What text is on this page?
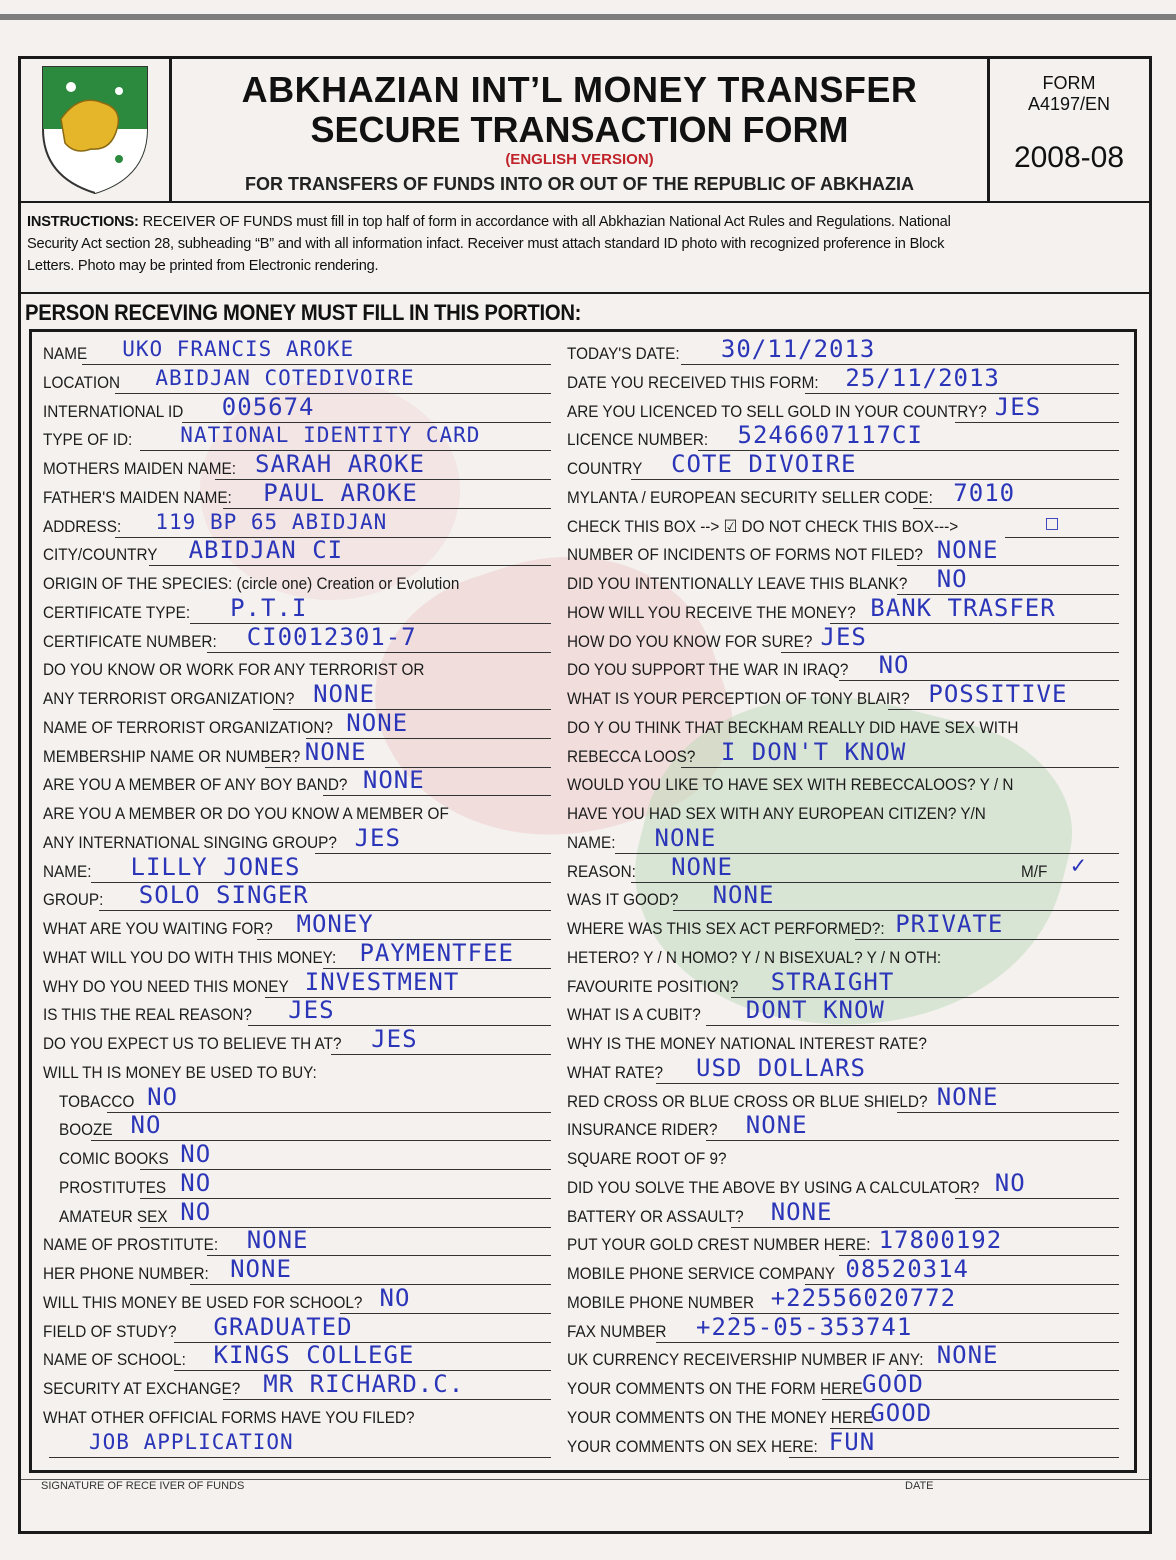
ABKHAZIAN INT’L MONEY TRANSFER
SECURE TRANSACTION FORM
(ENGLISH VERSION)
FOR TRANSFERS OF FUNDS INTO OR OUT OF THE REPUBLIC OF ABKHAZIA
FORM
A4197/EN
2008-08
INSTRUCTIONS: RECEIVER OF FUNDS must fill in top half of form in accordance with all Abkhazian National Act Rules and Regulations. National
Security Act section 28, subheading “B” and with all information infact. Receiver must attach standard ID photo with recognized proference in Block
Letters. Photo may be printed from Electronic rendering.
PERSON RECEVING MONEY MUST FILL IN THIS PORTION:
NAME UKO FRANCIS AROKE
LOCATION ABIDJAN COTEDIVOIRE
INTERNATIONAL ID 005674
TYPE OF ID: NATIONAL IDENTITY CARD
MOTHERS MAIDEN NAME: SARAH AROKE
FATHER'S MAIDEN NAME: PAUL AROKE
ADDRESS: 119 BP 65 ABIDJAN
CITY/COUNTRY ABIDJAN CI
ORIGIN OF THE SPECIES: (circle one) Creation or Evolution
CERTIFICATE TYPE: P.T.I
CERTIFICATE NUMBER: CI0012301-7
DO YOU KNOW OR WORK FOR ANY TERRORIST OR
ANY TERRORIST ORGANIZATION? NONE
NAME OF TERRORIST ORGANIZATION? NONE
MEMBERSHIP NAME OR NUMBER? NONE
ARE YOU A MEMBER OF ANY BOY BAND? NONE
ARE YOU A MEMBER OR DO YOU KNOW A MEMBER OF
ANY INTERNATIONAL SINGING GROUP? JES
NAME: LILLY JONES
GROUP: SOLO SINGER
WHAT ARE YOU WAITING FOR? MONEY
WHAT WILL YOU DO WITH THIS MONEY: PAYMENTFEE
WHY DO YOU NEED THIS MONEY INVESTMENT
IS THIS THE REAL REASON? JES
DO YOU EXPECT US TO BELIEVE TH AT? JES
WILL TH IS MONEY BE USED TO BUY:
TOBACCO NO
BOOZE NO
COMIC BOOKS NO
PROSTITUTES NO
AMATEUR SEX NO
NAME OF PROSTITUTE: NONE
HER PHONE NUMBER: NONE
WILL THIS MONEY BE USED FOR SCHOOL? NO
FIELD OF STUDY? GRADUATED
NAME OF SCHOOL: KINGS COLLEGE
SECURITY AT EXCHANGE? MR RICHARD.C.
WHAT OTHER OFFICIAL FORMS HAVE YOU FILED?
JOB APPLICATION
TODAY'S DATE: 30/11/2013
DATE YOU RECEIVED THIS FORM: 25/11/2013
ARE YOU LICENCED TO SELL GOLD IN YOUR COUNTRY? JES
LICENCE NUMBER: 5246607117CI
COUNTRY COTE DIVOIRE
MYLANTA / EUROPEAN SECURITY SELLER CODE: 7010
CHECK THIS BOX --> ☑ DO NOT CHECK THIS BOX--->	☐
NUMBER OF INCIDENTS OF FORMS NOT FILED? NONE
DID YOU INTENTIONALLY LEAVE THIS BLANK? NO
HOW WILL YOU RECEIVE THE MONEY? BANK TRASFER
HOW DO YOU KNOW FOR SURE? JES
DO YOU SUPPORT THE WAR IN IRAQ? NO
WHAT IS YOUR PERCEPTION OF TONY BLAIR? POSSITIVE
DO Y OU THINK THAT BECKHAM REALLY DID HAVE SEX WITH
REBECCA LOOS? I DON'T KNOW
WOULD YOU LIKE TO HAVE SEX WITH REBECCALOOS? Y / N
HAVE YOU HAD SEX WITH ANY EUROPEAN CITIZEN? Y/N
NAME: NONE
REASON: NONE
WAS IT GOOD? NONE
WHERE WAS THIS SEX ACT PERFORMED?: PRIVATE
HETERO? Y / N HOMO? Y / N BISEXUAL? Y / N OTH:
FAVOURITE POSITION? STRAIGHT
WHAT IS A CUBIT? DONT KNOW
WHY IS THE MONEY NATIONAL INTEREST RATE?
WHAT RATE? USD DOLLARS
RED CROSS OR BLUE CROSS OR BLUE SHIELD? NONE
INSURANCE RIDER? NONE
SQUARE ROOT OF 9?
DID YOU SOLVE THE ABOVE BY USING A CALCULATOR? NO
BATTERY OR ASSAULT? NONE
PUT YOUR GOLD CREST NUMBER HERE: 17800192
MOBILE PHONE SERVICE COMPANY 08520314
MOBILE PHONE NUMBER +22556020772
FAX NUMBER +225-05-353741
UK CURRENCY RECEIVERSHIP NUMBER IF ANY: NONE
YOUR COMMENTS ON THE FORM HERE GOOD
YOUR COMMENTS ON THE MONEY HERE
GOOD
YOUR COMMENTS ON SEX HERE: FUN
M/F ✓
SIGNATURE OF RECE IVER OF FUNDS	DATE
